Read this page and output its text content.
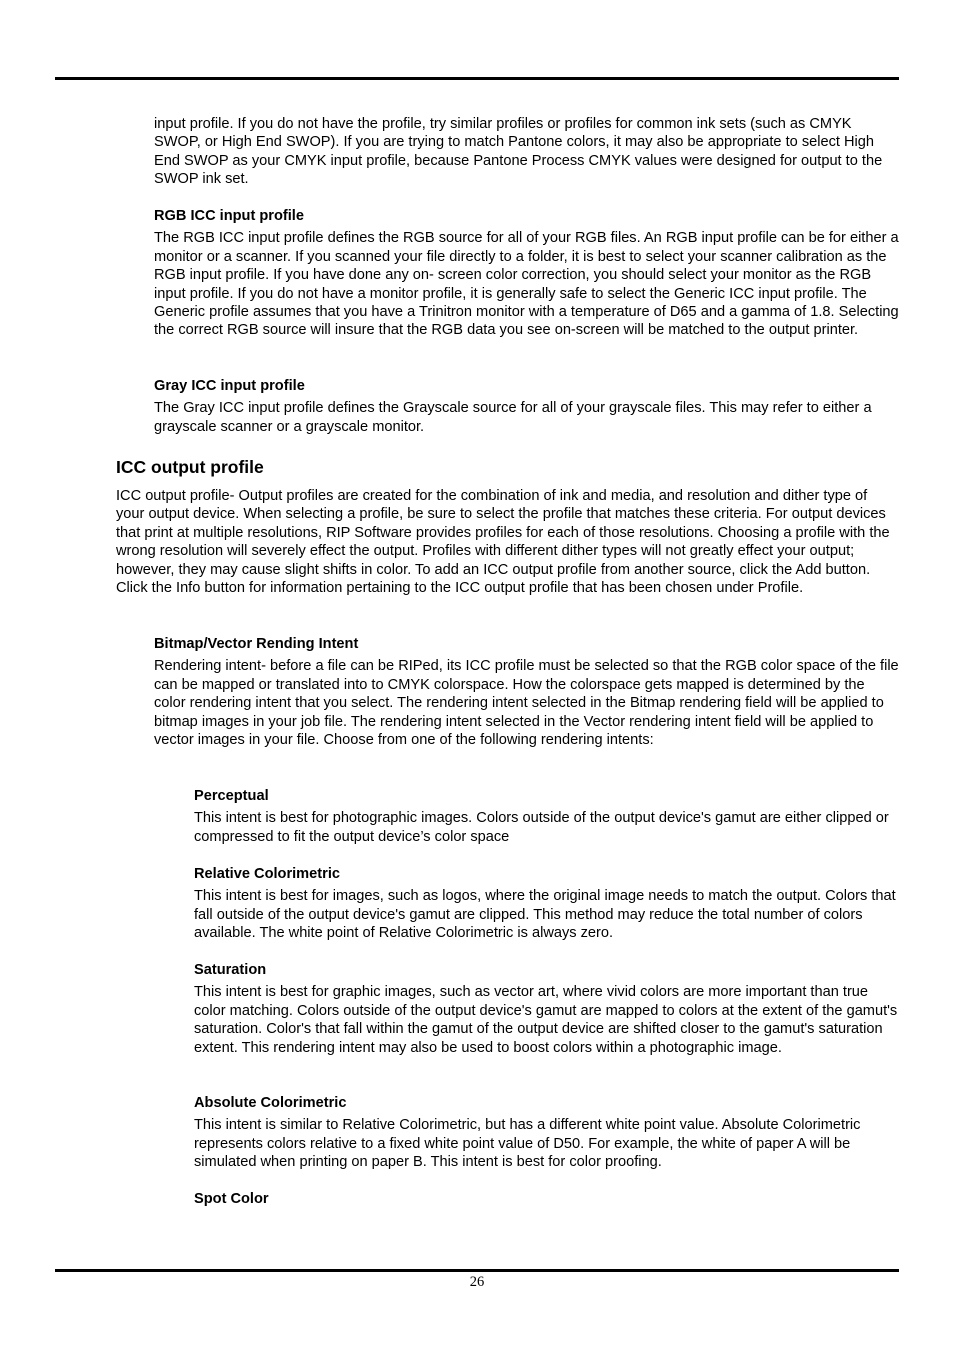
input profile. If you do not have the profile, try similar profiles or profiles for common ink sets (such as CMYK SWOP, or High End SWOP). If you are trying to match Pantone colors, it may also be appropriate to select High End SWOP as your CMYK input profile, because Pantone Process CMYK values were designed for output to the SWOP ink set.

RGB ICC input profile

The RGB ICC input profile defines the RGB source for all of your RGB files. An RGB input profile can be for either a monitor or a scanner. If you scanned your file directly to a folder, it is best to select your scanner calibration as the RGB input profile. If you have done any on- screen color correction, you should select your monitor as the RGB input profile. If you do not have a monitor profile, it is generally safe to select the Generic ICC input profile. The Generic profile assumes that you have a Trinitron monitor with a temperature of D65 and a gamma of 1.8. Selecting the correct RGB source will insure that the RGB data you see on-screen will be matched to the output printer.

Gray ICC input profile

The Gray ICC input profile defines the Grayscale source for all of your grayscale files. This may refer to either a grayscale scanner or a grayscale monitor.

ICC output profile

ICC output profile- Output profiles are created for the combination of ink and media, and resolution and dither type of your output device. When selecting a profile, be sure to select the profile that matches these criteria. For output devices that print at multiple resolutions, RIP Software provides profiles for each of those resolutions. Choosing a profile with the wrong resolution will severely effect the output. Profiles with different dither types will not greatly effect your output; however, they may cause slight shifts in color. To add an ICC output profile from another source, click the Add button. Click the Info button for information pertaining to the ICC output profile that has been chosen under Profile.

Bitmap/Vector Rending Intent

Rendering intent- before a file can be RIPed, its ICC profile must be selected so that the RGB color space of the file can be mapped or translated into to CMYK colorspace. How the colorspace gets mapped is determined by the color rendering intent that you select. The rendering intent selected in the Bitmap rendering field will be applied to bitmap images in your job file. The rendering intent selected in the Vector rendering intent field will be applied to vector images in your file. Choose from one of the following rendering intents:

Perceptual

This intent is best for photographic images. Colors outside of the output device's gamut are either clipped or compressed to fit the output device’s color space

Relative Colorimetric

This intent is best for images, such as logos, where the original image needs to match the output. Colors that fall outside of the output device's gamut are clipped. This method may reduce the total number of colors available. The white point of Relative Colorimetric is always zero.

Saturation

This intent is best for graphic images, such as vector art, where vivid colors are more important than true color matching. Colors outside of the output device's gamut are mapped to colors at the extent of the gamut's saturation. Color's that fall within the gamut of the output device are shifted closer to the gamut's saturation extent. This rendering intent may also be used to boost colors within a photographic image.

Absolute Colorimetric

This intent is similar to Relative Colorimetric, but has a different white point value. Absolute Colorimetric represents colors relative to a fixed white point value of D50. For example, the white of paper A will be simulated when printing on paper B. This intent is best for color proofing.

Spot Color
26
